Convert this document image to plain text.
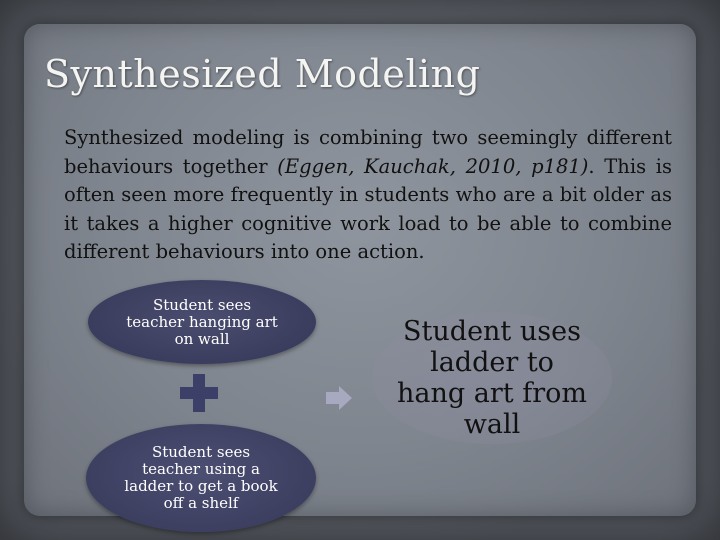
Synthesized Modeling
Synthesized modeling is combining two seemingly different behaviours together (Eggen, Kauchak, 2010, p181). This is often seen more frequently in students who are a bit older as it takes a higher cognitive work load to be able to combine different behaviours into one action.
Student sees teacher hanging art on wall
Student sees teacher using a ladder to get a book off a shelf
Student uses ladder to hang art from wall
